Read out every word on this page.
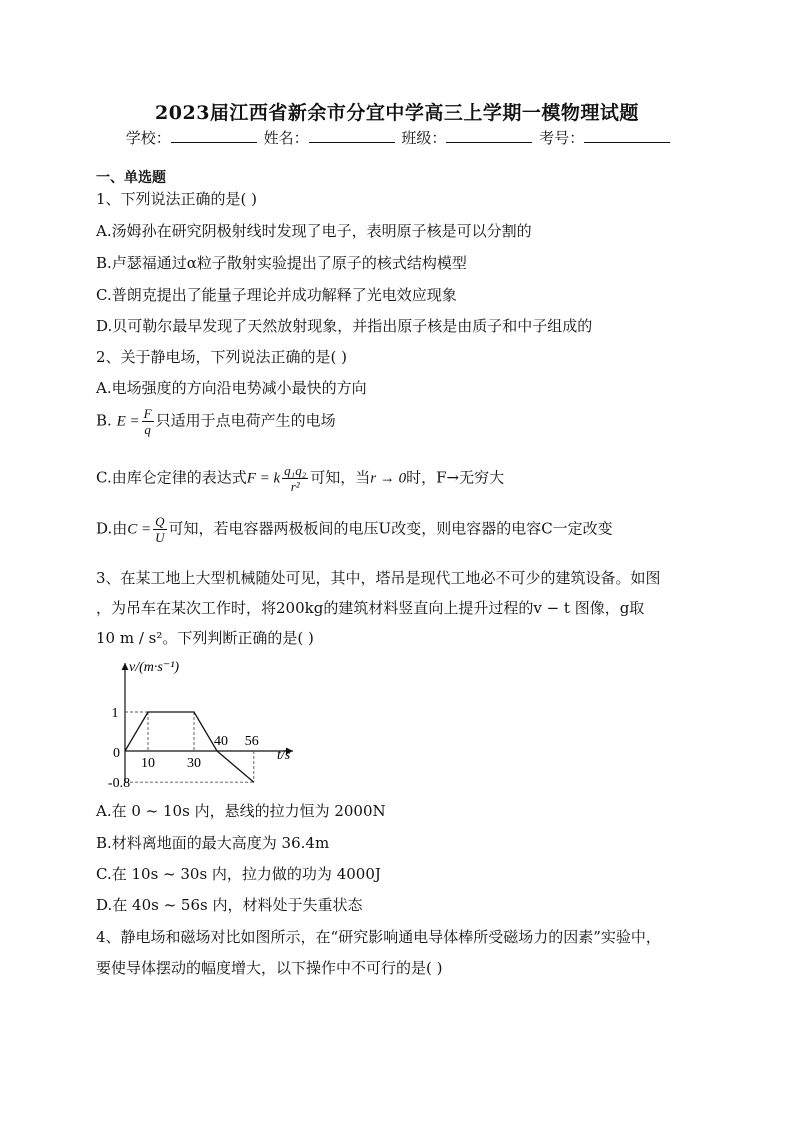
2023届江西省新余市分宜中学高三上学期一模物理试题
学校：	姓名：	班级：	考号：
一、单选题
1、下列说法正确的是( )
A.汤姆孙在研究阴极射线时发现了电子，表明原子核是可以分割的
B.卢瑟福通过α粒子散射实验提出了原子的核式结构模型
C.普朗克提出了能量子理论并成功解释了光电效应现象
D.贝可勒尔最早发现了天然放射现象，并指出原子核是由质子和中子组成的
2、关于静电场，下列说法正确的是( )
A.电场强度的方向沿电势减小最快的方向
B. $E = \frac{F}{q}$ 只适用于点电荷产生的电场
C.由库仑定律的表达式F = k $\frac{\text{q₁q₂}}{\text{r²}}$ 可知，当r → 0时，F→无穷大
D.由$C = \frac{Q}{U}$ 可知，若电容器两极板间的电压U改变，则电容器的电容C一定改变
3、在某工地上大型机械随处可见，其中，塔吊是现代工地必不可少的建筑设备。如图
，为吊车在某次工作时，将200kg的建筑材料竖直向上提升过程的v − t 图像，g取
10 m / s²。下列判断正确的是( )
v/(m·s⁻¹)
t/s
0
10 30
40 56
1
-0.8
A.在 0 ~ 10s 内，悬线的拉力恒为 2000N
B.材料离地面的最大高度为 36.4m
C.在 10s ~ 30s 内，拉力做的功为 4000J
D.在 40s ~ 56s 内，材料处于失重状态
4、静电场和磁场对比如图所示，在“研究影响通电导体棒所受磁场力的因素”实验中，
要使导体摆动的幅度增大，以下操作中不可行的是( )
